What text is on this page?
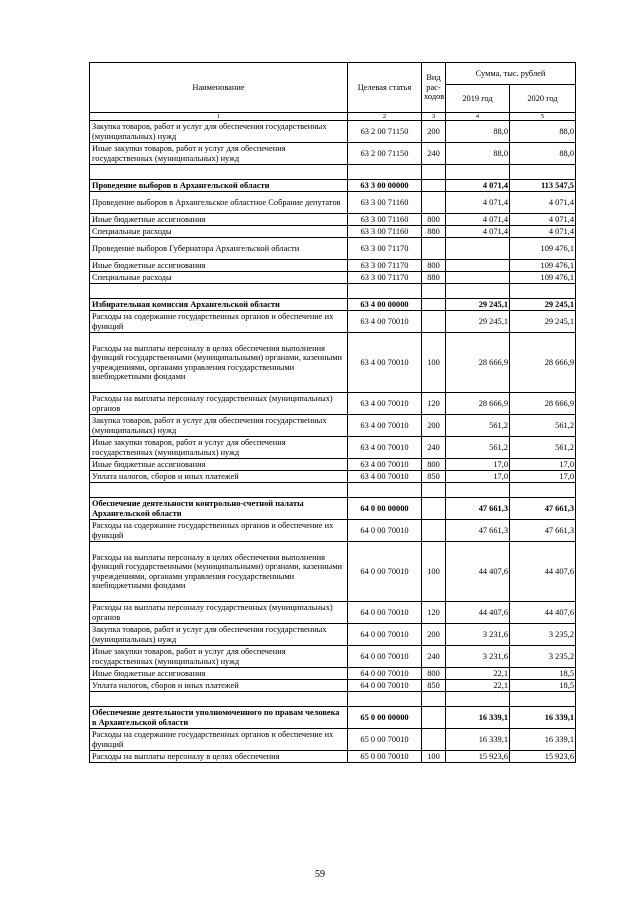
Наименование	Целевая статья	Вид рас-ходов	Сумма, тыс. рублей	
			2019 год	2020 год
1	2	3	4	5
Закупка товаров, работ и услуг для обеспечения государственных (муниципальных) нужд	63 2 00 71150	200	88,0	88,0
Иные закупки товаров, работ и услуг для обеспечения государственных (муниципальных) нужд	63 2 00 71150	240	88,0	88,0

Проведение выборов в Архангельской области	63 3 00 00000		4 071,4	113 547,5
Проведение выборов в Архангельское областное Собрание депутатов	63 3 00 71160		4 071,4	4 071,4
Иные бюджетные ассигнования	63 3 00 71160	800	4 071,4	4 071,4
Специальные расходы	63 3 00 71160	880	4 071,4	4 071,4
Проведение выборов Губернатора Архангельской области	63 3 00 71170			109 476,1
Иные бюджетные ассигнования	63 3 00 71170	800		109 476,1
Специальные расходы	63 3 00 71170	880		109 476,1

Избирательная комиссия Архангельской области	63 4 00 00000		29 245,1	29 245,1
Расходы на содержание государственных органов и обеспечение их функций	63 4 00 70010		29 245,1	29 245,1
Расходы на выплаты персоналу в целях обеспечения выполнения функций государственными (муниципальными) органами, казенными учреждениями, органами управления государственными внебюджетными фондами	63 4 00 70010	100	28 666,9	28 666,9
Расходы на выплаты персоналу государственных (муниципальных) органов	63 4 00 70010	120	28 666,9	28 666,9
Закупка товаров, работ и услуг для обеспечения государственных (муниципальных) нужд	63 4 00 70010	200	561,2	561,2
Иные закупки товаров, работ и услуг для обеспечения государственных (муниципальных) нужд	63 4 00 70010	240	561,2	561,2
Иные бюджетные ассигнования	63 4 00 70010	800	17,0	17,0
Уплата налогов, сборов и иных платежей	63 4 00 70010	850	17,0	17,0

Обеспечение деятельности контрольно-счетной палаты Архангельской области	64 0 00 00000		47 661,3	47 661,3
Расходы на содержание государственных органов и обеспечение их функций	64 0 00 70010		47 661,3	47 661,3
Расходы на выплаты персоналу в целях обеспечения выполнения функций государственными (муниципальными) органами, казенными учреждениями, органами управления государственными внебюджетными фондами	64 0 00 70010	100	44 407,6	44 407,6
Расходы на выплаты персоналу государственных (муниципальных) органов	64 0 00 70010	120	44 407,6	44 407,6
Закупка товаров, работ и услуг для обеспечения государственных (муниципальных) нужд	64 0 00 70010	200	3 231,6	3 235,2
Иные закупки товаров, работ и услуг для обеспечения государственных (муниципальных) нужд	64 0 00 70010	240	3 231,6	3 235,2
Иные бюджетные ассигнования	64 0 00 70010	800	22,1	18,5
Уплата налогов, сборов и иных платежей	64 0 00 70010	850	22,1	18,5

Обеспечение деятельности уполномоченного по правам человека в Архангельской области	65 0 00 00000		16 339,1	16 339,1
Расходы на содержание государственных органов и обеспечение их функций	65 0 00 70010		16 339,1	16 339,1
Расходы на выплаты персоналу в целях обеспечения	65 0 00 70010	100	15 923,6	15 923,6
59
